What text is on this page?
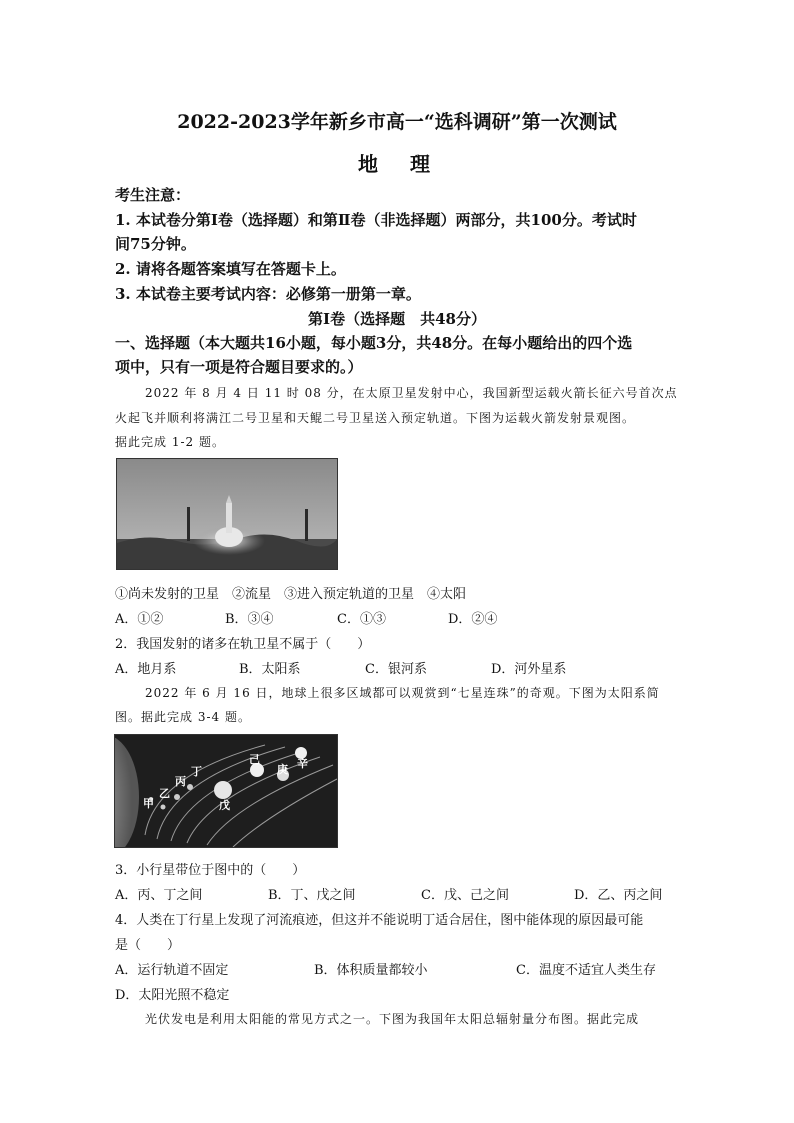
2022-2023学年新乡市高一“选科调研”第一次测试
地　理
考生注意：
1. 本试卷分第Ⅰ卷（选择题）和第Ⅱ卷（非选择题）两部分，共100分。考试时
间75分钟。
2. 请将各题答案填写在答题卡上。
3. 本试卷主要考试内容：必修第一册第一章。
第Ⅰ卷（选择题　共48分）
一、选择题（本大题共16小题，每小题3分，共48分。在每小题给出的四个选
项中，只有一项是符合题目要求的。）
2022 年 8 月 4 日 11 时 08 分，在太原卫星发射中心，我国新型运载火箭长征六号首次点
火起飞并顺利将满江二号卫星和天鲲二号卫星送入预定轨道。下图为运载火箭发射景观图。
据此完成 1-2 题。
①尚未发射的卫星　②流星　③进入预定轨道的卫星　④太阳
A．①②	B．③④	C．①③	D．②④
2．我国发射的诸多在轨卫星不属于（　　）
A．地月系	B．太阳系	C．银河系	D．河外星系
2022 年 6 月 16 日，地球上很多区域都可以观赏到“七星连珠”的奇观。下图为太阳系简
图。据此完成 3-4 题。
甲
乙
丙
丁
戊
己
庚 辛
3．小行星带位于图中的（　　）
A．丙、丁之间	B．丁、戊之间	C．戊、己之间	D．乙、丙之间
4．人类在丁行星上发现了河流痕迹，但这并不能说明丁适合居住，图中能体现的原因最可能
是（　　）
A．运行轨道不固定	B．体积质量都较小	C．温度不适宜人类生存
D．太阳光照不稳定
光伏发电是利用太阳能的常见方式之一。下图为我国年太阳总辐射量分布图。据此完成
